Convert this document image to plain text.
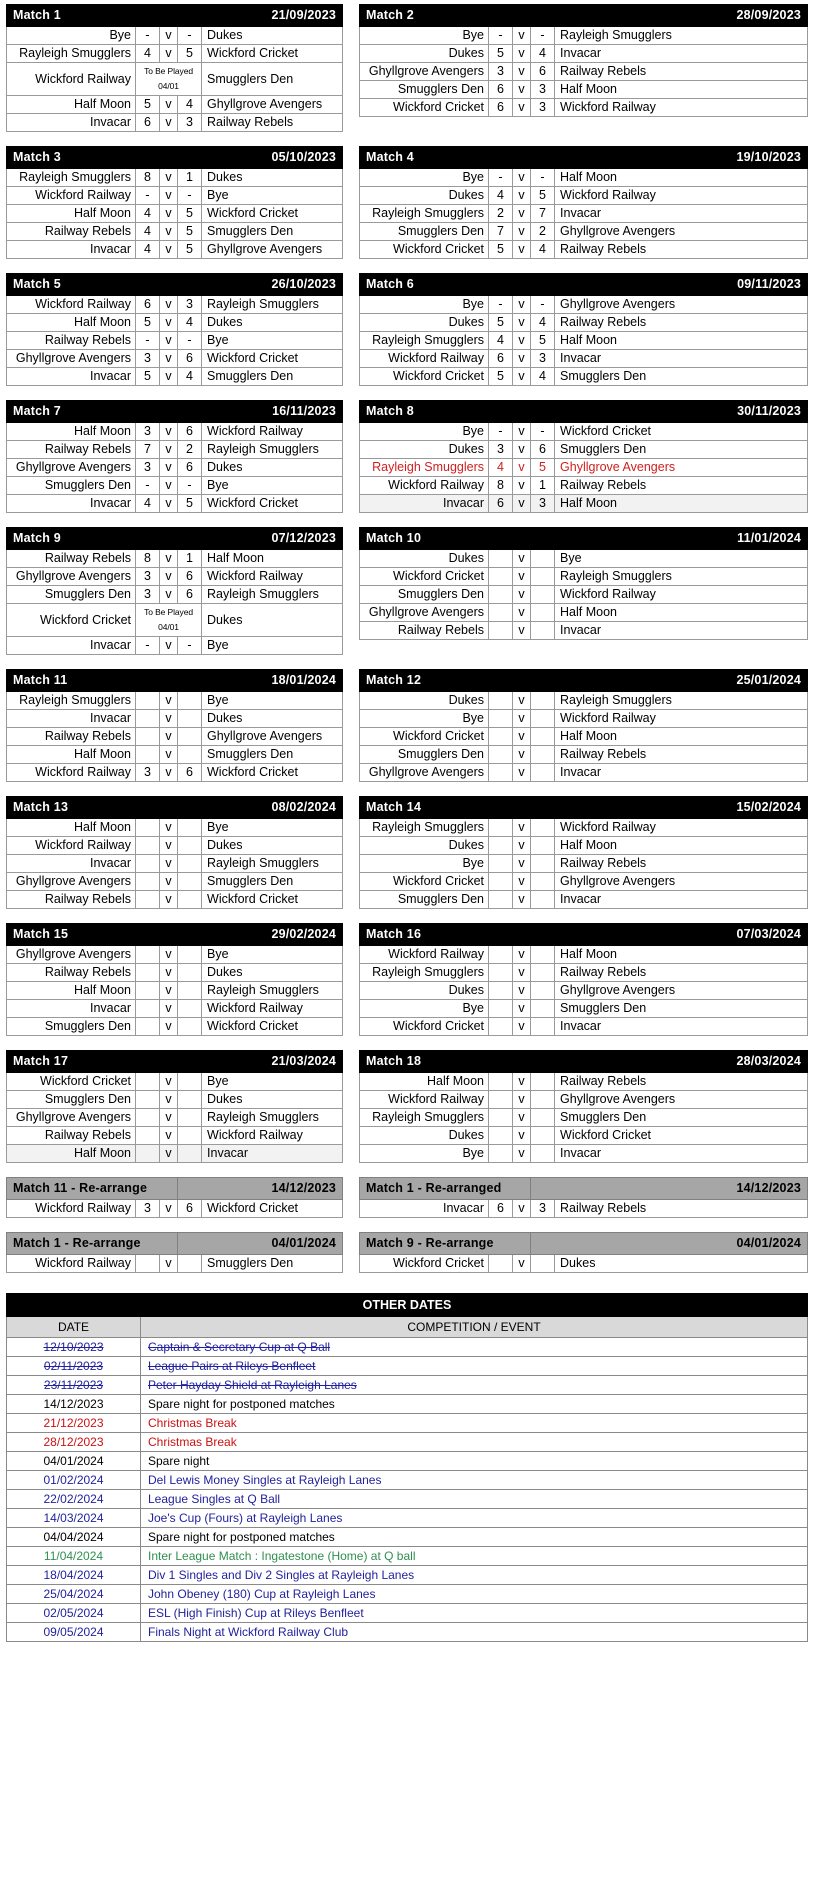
Match 1			21/09/2023	
Bye	-	v	-	Dukes
Rayleigh Smugglers	4	v	5	Wickford Cricket
Wickford Railway	To Be Played 04/01			Smugglers Den
Half Moon	5	v	4	Ghyllgrove Avengers
Invacar	6	v	3	Railway Rebels
Match 2			28/09/2023	
Bye	-	v	-	Rayleigh Smugglers
Dukes	5	v	4	Invacar
Ghyllgrove Avengers	3	v	6	Railway Rebels
Smugglers Den	6	v	3	Half Moon
Wickford Cricket	6	v	3	Wickford Railway
Match 3			05/10/2023	
Rayleigh Smugglers	8	v	1	Dukes
Wickford Railway	-	v	-	Bye
Half Moon	4	v	5	Wickford Cricket
Railway Rebels	4	v	5	Smugglers Den
Invacar	4	v	5	Ghyllgrove Avengers
Match 4			19/10/2023	
Bye	-	v	-	Half Moon
Dukes	4	v	5	Wickford Railway
Rayleigh Smugglers	2	v	7	Invacar
Smugglers Den	7	v	2	Ghyllgrove Avengers
Wickford Cricket	5	v	4	Railway Rebels
Match 5			26/10/2023	
Wickford Railway	6	v	3	Rayleigh Smugglers
Half Moon	5	v	4	Dukes
Railway Rebels	-	v	-	Bye
Ghyllgrove Avengers	3	v	6	Wickford Cricket
Invacar	5	v	4	Smugglers Den
Match 6			09/11/2023	
Bye	-	v	-	Ghyllgrove Avengers
Dukes	5	v	4	Railway Rebels
Rayleigh Smugglers	4	v	5	Half Moon
Wickford Railway	6	v	3	Invacar
Wickford Cricket	5	v	4	Smugglers Den
Match 7			16/11/2023	
Half Moon	3	v	6	Wickford Railway
Railway Rebels	7	v	2	Rayleigh Smugglers
Ghyllgrove Avengers	3	v	6	Dukes
Smugglers Den	-	v	-	Bye
Invacar	4	v	5	Wickford Cricket
Match 8			30/11/2023	
Bye	-	v	-	Wickford Cricket
Dukes	3	v	6	Smugglers Den
Rayleigh Smugglers	4	v	5	Ghyllgrove Avengers
Wickford Railway	8	v	1	Railway Rebels
Invacar	6	v	3	Half Moon
Match 9			07/12/2023	
Railway Rebels	8	v	1	Half Moon
Ghyllgrove Avengers	3	v	6	Wickford Railway
Smugglers Den	3	v	6	Rayleigh Smugglers
Wickford Cricket	To Be Played 04/01			Dukes
Invacar	-	v	-	Bye
Match 10			11/01/2024	
Dukes		v		Bye
Wickford Cricket		v		Rayleigh Smugglers
Smugglers Den		v		Wickford Railway
Ghyllgrove Avengers		v		Half Moon
Railway Rebels		v		Invacar
Match 11			18/01/2024	
Rayleigh Smugglers		v		Bye
Invacar		v		Dukes
Railway Rebels		v		Ghyllgrove Avengers
Half Moon		v		Smugglers Den
Wickford Railway	3	v	6	Wickford Cricket
Match 12			25/01/2024	
Dukes		v		Rayleigh Smugglers
Bye		v		Wickford Railway
Wickford Cricket		v		Half Moon
Smugglers Den		v		Railway Rebels
Ghyllgrove Avengers		v		Invacar
Match 13			08/02/2024	
Half Moon		v		Bye
Wickford Railway		v		Dukes
Invacar		v		Rayleigh Smugglers
Ghyllgrove Avengers		v		Smugglers Den
Railway Rebels		v		Wickford Cricket
Match 14			15/02/2024	
Rayleigh Smugglers		v		Wickford Railway
Dukes		v		Half Moon
Bye		v		Railway Rebels
Wickford Cricket		v		Ghyllgrove Avengers
Smugglers Den		v		Invacar
Match 15			29/02/2024	
Ghyllgrove Avengers		v		Bye
Railway Rebels		v		Dukes
Half Moon		v		Rayleigh Smugglers
Invacar		v		Wickford Railway
Smugglers Den		v		Wickford Cricket
Match 16			07/03/2024	
Wickford Railway		v		Half Moon
Rayleigh Smugglers		v		Railway Rebels
Dukes		v		Ghyllgrove Avengers
Bye		v		Smugglers Den
Wickford Cricket		v		Invacar
Match 17			21/03/2024	
Wickford Cricket		v		Bye
Smugglers Den		v		Dukes
Ghyllgrove Avengers		v		Rayleigh Smugglers
Railway Rebels		v		Wickford Railway
Half Moon		v		Invacar
Match 18			28/03/2024	
Half Moon		v		Railway Rebels
Wickford Railway		v		Ghyllgrove Avengers
Rayleigh Smugglers		v		Smugglers Den
Dukes		v		Wickford Cricket
Bye		v		Invacar
Match 11 - Re-arrange			14/12/2023	
Wickford Railway	3	v	6	Wickford Cricket
Match 1 - Re-arranged			14/12/2023	
Invacar	6	v	3	Railway Rebels
Match 1 - Re-arrange			04/01/2024	
Wickford Railway		v		Smugglers Den
Match 9 - Re-arrange			04/01/2024	
Wickford Cricket		v		Dukes
OTHER DATES	
DATE	COMPETITION / EVENT
12/10/2023	Captain & Secretary Cup at Q Ball
02/11/2023	League Pairs at Rileys Benfleet
23/11/2023	Peter Hayday Shield at Rayleigh Lanes
14/12/2023	Spare night for postponed matches
21/12/2023	Christmas Break
28/12/2023	Christmas Break
04/01/2024	Spare night
01/02/2024	Del Lewis Money Singles at Rayleigh Lanes
22/02/2024	League Singles at Q Ball
14/03/2024	Joe's Cup (Fours) at Rayleigh Lanes
04/04/2024	Spare night for postponed matches
11/04/2024	Inter League Match : Ingatestone (Home) at Q ball
18/04/2024	Div 1 Singles and Div 2 Singles at Rayleigh Lanes
25/04/2024	John Obeney (180) Cup at Rayleigh Lanes
02/05/2024	ESL (High Finish) Cup at Rileys Benfleet
09/05/2024	Finals Night at Wickford Railway Club
